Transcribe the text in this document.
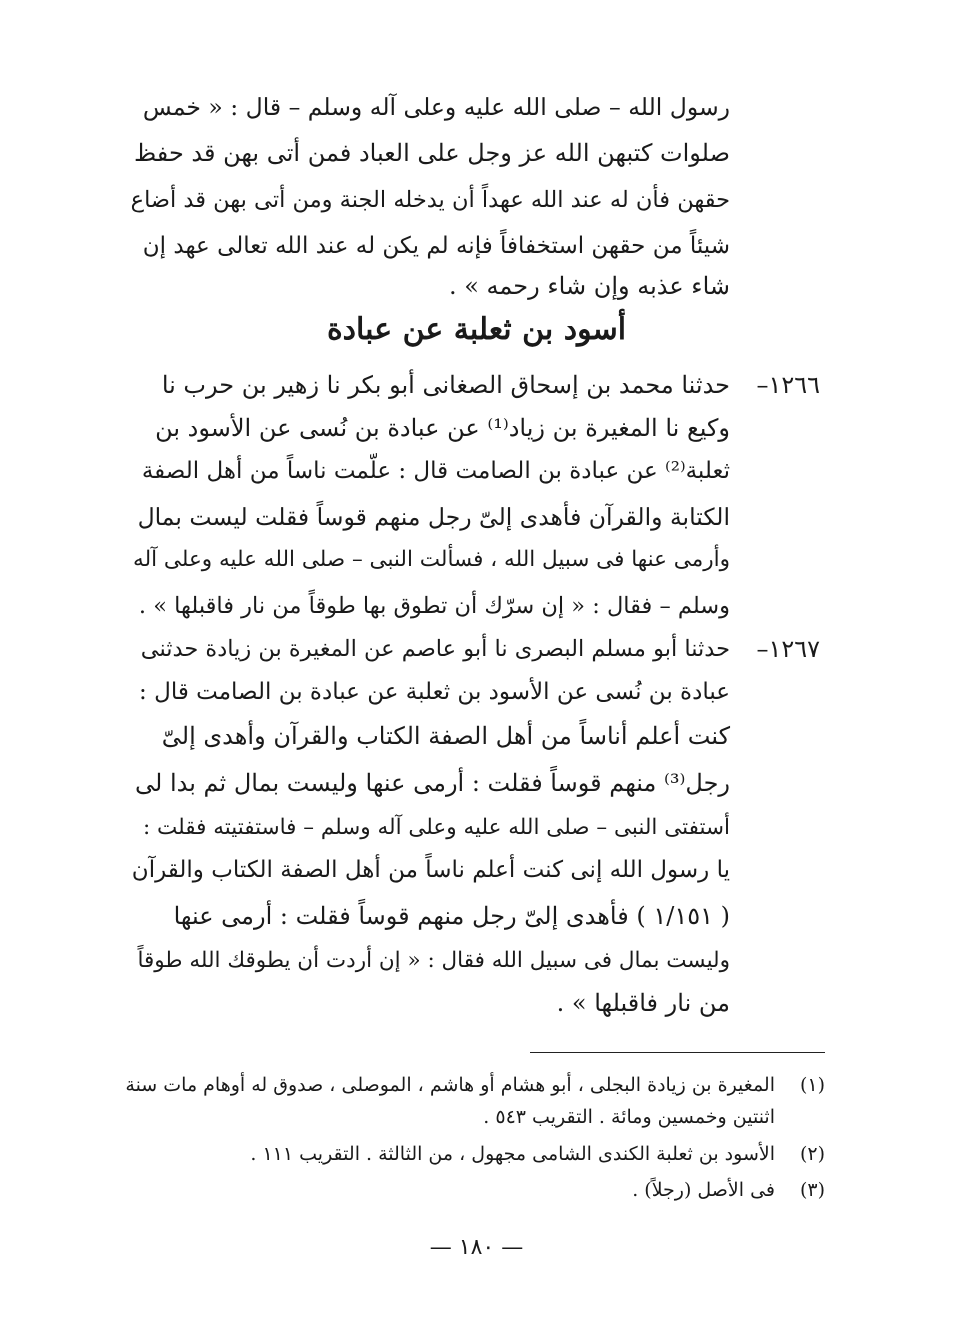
رسول الله – صلى الله عليه وعلى آله وسلم – قال : « خمس
صلوات كتبهن الله عز وجل على العباد فمن أتى بهن قد حفظ
حقهن فأن له عند الله عهداً أن يدخله الجنة ومن أتى بهن قد أضاع
شيئاً من حقهن استخفافاً فإنه لم يكن له عند الله تعالى عهد إن
شاء عذبه وإن شاء رحمه » .
أسود بن ثعلبة عن عبادة
١٢٦٦–
حدثنا محمد بن إسحاق الصغانى أبو بكر نا زهير بن حرب نا
وكيع نا المغيرة بن زياد⁽¹⁾ عن عبادة بن نُسى عن الأسود بن
ثعلبة⁽²⁾ عن عبادة بن الصامت قال : علّمت ناساً من أهل الصفة
الكتابة والقرآن فأهدى إلىّ رجل منهم قوساً فقلت ليست بمال
وأرمى عنها فى سبيل الله ، فسألت النبى – صلى الله عليه وعلى آله
وسلم – فقال : « إن سرّك أن تطوق بها طوقاً من نار فاقبلها » .
١٢٦٧–
حدثنا أبو مسلم البصرى نا أبو عاصم عن المغيرة بن زيادة حدثنى
عبادة بن نُسى عن الأسود بن ثعلبة عن عبادة بن الصامت قال :
كنت أعلم أناساً من أهل الصفة الكتاب والقرآن وأهدى إلىّ
رجل⁽³⁾ منهم قوساً فقلت : أرمى عنها وليست بمال ثم بدا لى
أستفتى النبى – صلى الله عليه وعلى آله وسلم – فاستفتيته فقلت :
يا رسول الله إنى كنت أعلم ناساً من أهل الصفة الكتاب والقرآن
( ١/١٥١ ) فأهدى إلىّ رجل منهم قوساً فقلت : أرمى عنها
وليست بمال فى سبيل الله فقال : « إن أردت أن يطوقك الله طوقاً
من نار فاقبلها » .
(١)
المغيرة بن زيادة البجلى ، أبو هشام أو هاشم ، الموصلى ، صدوق له أوهام مات سنة
اثنتين وخمسين ومائة . التقريب ٥٤٣ .
(٢)
الأسود بن ثعلبة الكندى الشامى مجهول ، من الثالثة . التقريب ١١١ .
(٣)
فى الأصل (رجلاً) .
— ١٨٠ —
